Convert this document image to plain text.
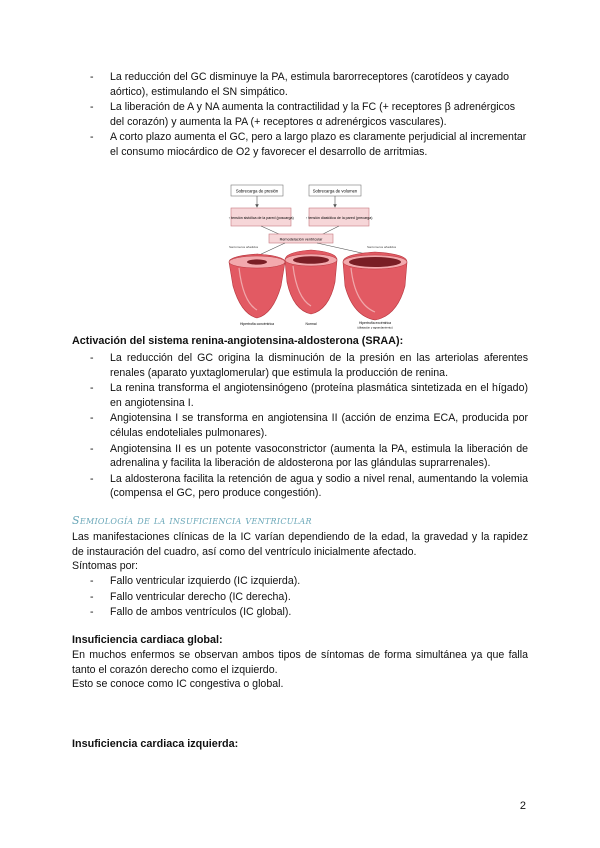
- La reducción del GC disminuye la PA, estimula barorreceptores (carotídeos y cayado aórtico), estimulando el SN simpático.
- La liberación de A y NA aumenta la contractilidad y la FC (+ receptores β adrenérgicos del corazón) y aumenta la PA (+ receptores α adrenérgicos vasculares).
- A corto plazo aumenta el GC, pero a largo plazo es claramente perjudicial al incrementar el consumo miocárdico de O2 y favorecer el desarrollo de arritmias.
Sobrecarga de presión	Sobrecarga de volumen
↑ tensión sistólica de la pared (poscarga)	↑ tensión diastólica de la pared (precarga)
Remodelación ventricular
Sarcómeros añadidos	Sarcómeros añadidos
Hipertrofia concéntrica	Normal	Hipertrofia excéntrica
(dilatación y agrandamiento)
Activación del sistema renina-angiotensina-aldosterona (SRAA):
- La reducción del GC origina la disminución de la presión en las arteriolas aferentes renales (aparato yuxtaglomerular) que estimula la producción de renina.
- La renina transforma el angiotensinógeno (proteína plasmática sintetizada en el hígado) en angiotensina I.
- Angiotensina I se transforma en angiotensina II (acción de enzima ECA, producida por células endoteliales pulmonares).
- Angiotensina II es un potente vasoconstrictor (aumenta la PA, estimula la liberación de adrenalina y facilita la liberación de aldosterona por las glándulas suprarrenales).
- La aldosterona facilita la retención de agua y sodio a nivel renal, aumentando la volemia (compensa el GC, pero produce congestión).
Semiología de la insuficiencia ventricular
Las manifestaciones clínicas de la IC varían dependiendo de la edad, la gravedad y la rapidez de instauración del cuadro, así como del ventrículo inicialmente afectado.
Síntomas por:
- Fallo ventricular izquierdo (IC izquierda).
- Fallo ventricular derecho (IC derecha).
- Fallo de ambos ventrículos (IC global).
Insuficiencia cardiaca global:
En muchos enfermos se observan ambos tipos de síntomas de forma simultánea ya que falla tanto el corazón derecho como el izquierdo.
Esto se conoce como IC congestiva o global.
Insuficiencia cardiaca izquierda:
2
